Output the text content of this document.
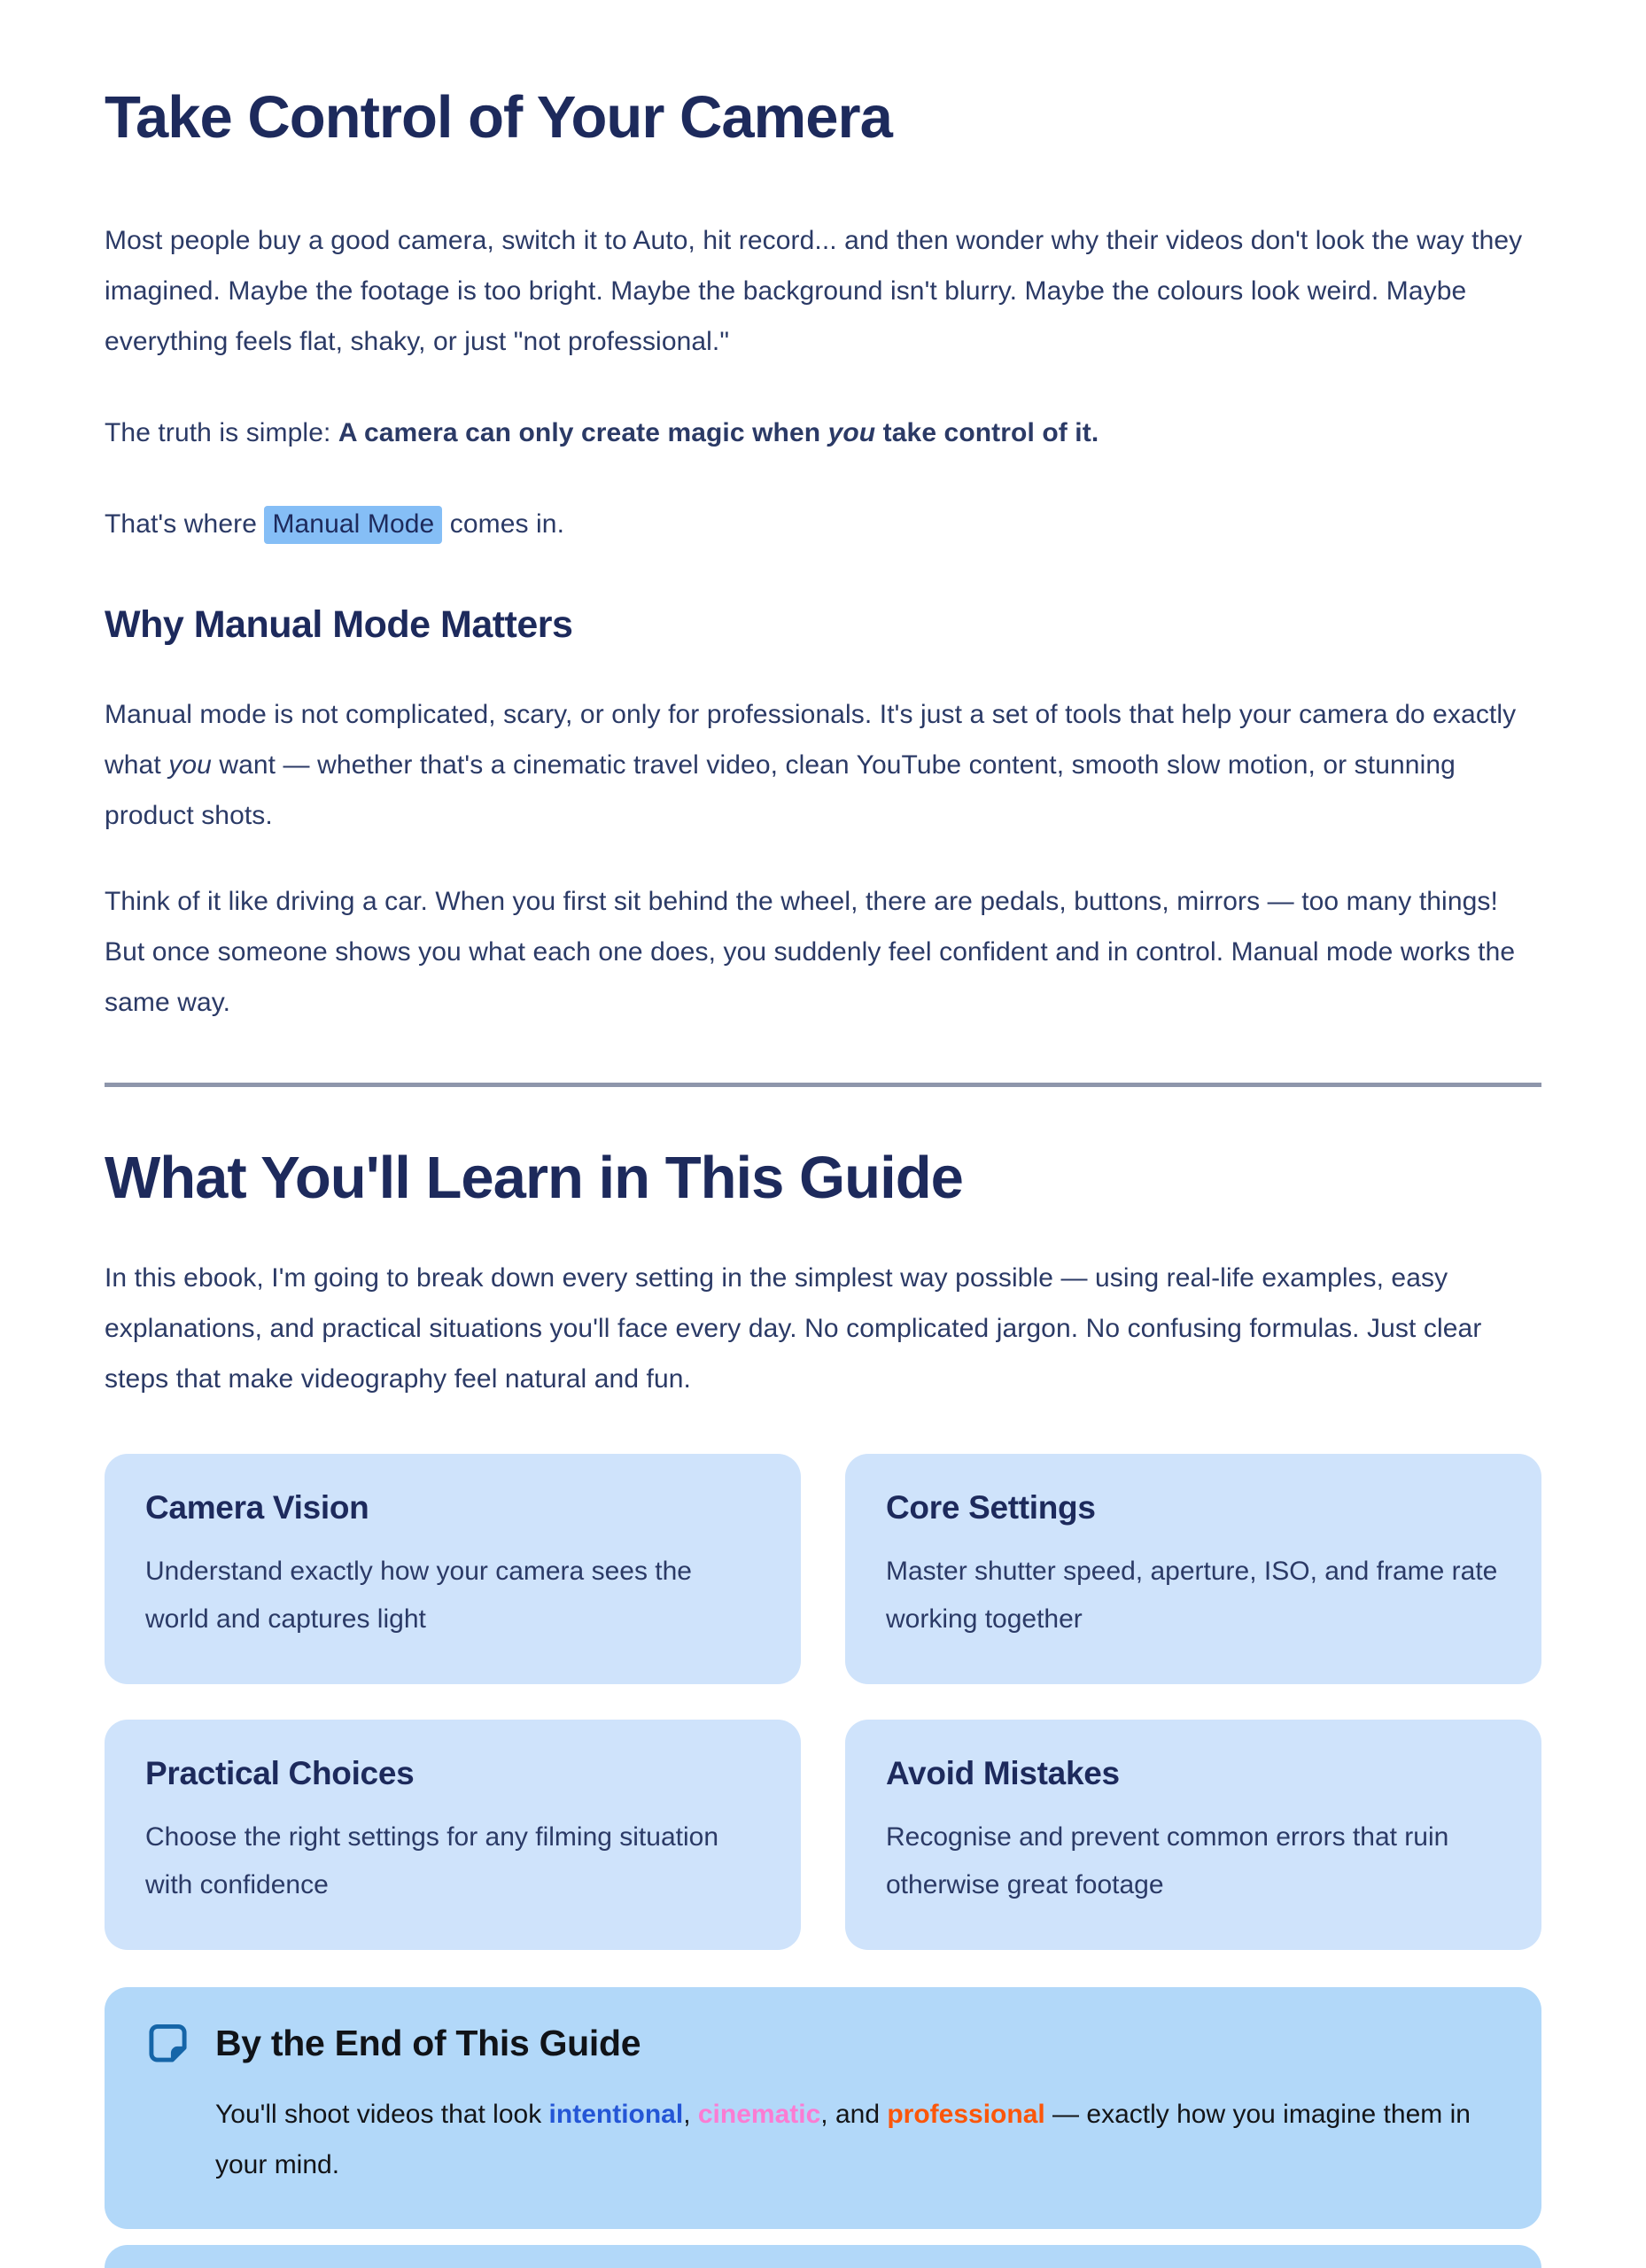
Take Control of Your Camera

Most people buy a good camera, switch it to Auto, hit record... and then wonder why their videos don't look the way they imagined. Maybe the footage is too bright. Maybe the background isn't blurry. Maybe the colours look weird. Maybe everything feels flat, shaky, or just "not professional."

The truth is simple: A camera can only create magic when you take control of it.

That's where Manual Mode comes in.

Why Manual Mode Matters

Manual mode is not complicated, scary, or only for professionals. It's just a set of tools that help your camera do exactly what you want — whether that's a cinematic travel video, clean YouTube content, smooth slow motion, or stunning product shots.

Think of it like driving a car. When you first sit behind the wheel, there are pedals, buttons, mirrors — too many things! But once someone shows you what each one does, you suddenly feel confident and in control. Manual mode works the same way.

What You'll Learn in This Guide

In this ebook, I'm going to break down every setting in the simplest way possible — using real-life examples, easy explanations, and practical situations you'll face every day. No complicated jargon. No confusing formulas. Just clear steps that make videography feel natural and fun.

Camera Vision
Understand exactly how your camera sees the world and captures light
Core Settings
Master shutter speed, aperture, ISO, and frame rate working together
Practical Choices
Choose the right settings for any filming situation with confidence
Avoid Mistakes
Recognise and prevent common errors that ruin otherwise great footage
By the End of This Guide

You'll shoot videos that look intentional, cinematic, and professional — exactly how you imagine them in your mind.
